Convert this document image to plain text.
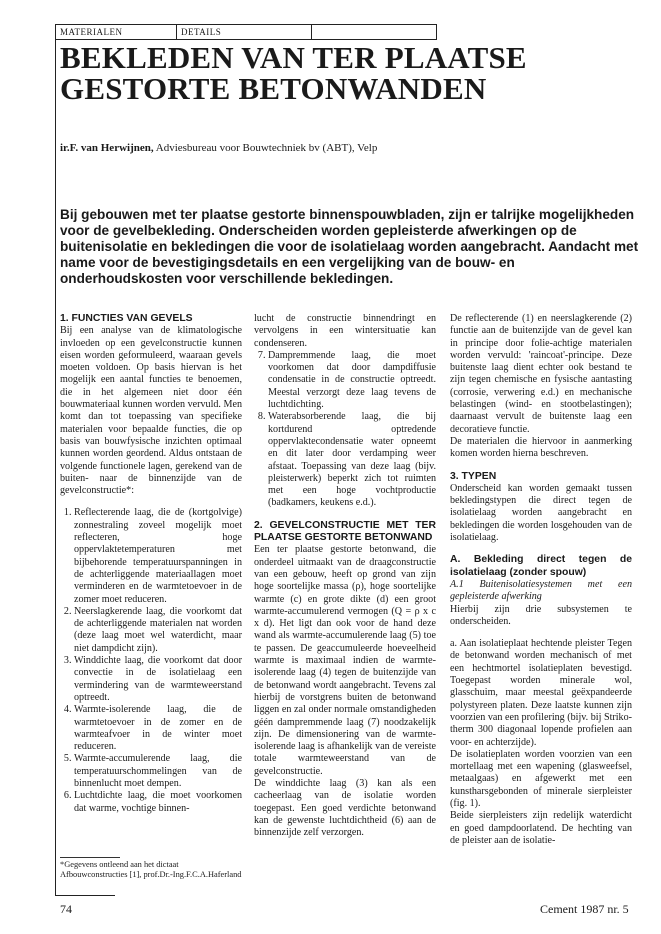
MATERIALEN	DETAILS
BEKLEDEN VAN TER PLAATSE GESTORTE BETONWANDEN
ir.F. van Herwijnen, Adviesbureau voor Bouwtechniek bv (ABT), Velp

Bij gebouwen met ter plaatse gestorte binnenspouwbladen, zijn er talrijke mogelijkheden voor de gevelbekleding. Onderscheiden worden gepleisterde afwerkingen op de buitenisolatie en bekledingen die voor de isolatielaag worden aangebracht. Aandacht met name voor de bevestigingsdetails en een vergelijking van de bouw- en onderhoudskosten voor verschillende bekledingen.

1. FUNCTIES VAN GEVELS

Bij een analyse van de klimatologische invloeden op een gevelconstructie kunnen eisen worden geformuleerd, waaraan gevels moeten voldoen. Op basis hiervan is het mogelijk een aantal functies te benoemen, die in het algemeen niet door één bouwmateriaal kunnen worden vervuld. Men komt dan tot toepassing van specifieke materialen voor bepaalde functies, die op basis van bouwfysische inzichten optimaal kunnen worden geordend. Aldus ontstaan de volgende functionele lagen, gerekend van de buiten- naar de binnenzijde van de gevelconstructie*:

1. Reflecterende laag, die de (kortgolvige) zonnestraling zoveel mogelijk moet reflecteren, hoge oppervlaktetemperaturen met bijbehorende temperatuurspanningen in de achterliggende materiaallagen moet verminderen en de warmtetoevoer in de zomer moet reduceren.
2. Neerslagkerende laag, die voorkomt dat de achterliggende materialen nat worden (deze laag moet wel waterdicht, maar niet dampdicht zijn).
3. Winddichte laag, die voorkomt dat door convectie in de isolatielaag een vermindering van de warmteweerstand optreedt.
4. Warmte-isolerende laag, die de warmtetoevoer in de zomer en de warmteafvoer in de winter moet reduceren.
5. Warmte-accumulerende laag, die temperatuurschommelingen van de binnenlucht moet dempen.
6. Luchtdichte laag, die moet voorkomen dat warme, vochtige binnen-
*Gegevens ontleend aan het dictaat Afbouwconstructies [1], prof.Dr.-Ing.F.C.A.Haferland

lucht de constructie binnendringt en vervolgens in een wintersituatie kan condenseren.

7. Dampremmende laag, die moet voorkomen dat door dampdiffusie condensatie in de constructie optreedt. Meestal verzorgt deze laag tevens de luchtdichting.
8. Waterabsorberende laag, die bij kortdurend optredende oppervlaktecondensatie water opneemt en dit later door verdamping weer afstaat. Toepassing van deze laag (bijv. pleisterwerk) beperkt zich tot ruimten met een hoge vochtproductie (badkamers, keukens e.d.).
2. GEVELCONSTRUCTIE MET TER PLAATSE GESTORTE BETONWAND

Een ter plaatse gestorte betonwand, die onderdeel uitmaakt van de draagconstructie van een gebouw, heeft op grond van zijn hoge soortelijke massa (ρ), hoge soortelijke warmte (c) en grote dikte (d) een groot warmte-accumulerend vermogen (Q = ρ x c x d). Het ligt dan ook voor de hand deze wand als warmte-accumulerende laag (5) toe te passen. De geaccumuleerde hoeveelheid warmte is maximaal indien de warmte-isolerende laag (4) tegen de buitenzijde van de betonwand wordt aangebracht. Tevens zal hierbij de vorstgrens buiten de betonwand liggen en zal onder normale omstandigheden géén dampremmende laag (7) noodzakelijk zijn. De dimensionering van de warmte-isolerende laag is afhankelijk van de vereiste totale warmteweerstand van de gevelconstructie.

De winddichte laag (3) kan als een cacheerlaag van de isolatie worden toegepast. Een goed verdichte betonwand kan de gewenste luchtdichtheid (6) aan de binnenzijde zelf verzorgen.

De reflecterende (1) en neerslagkerende (2) functie aan de buitenzijde van de gevel kan in principe door folie-achtige materialen worden vervuld: 'raincoat'-principe. Deze buitenste laag dient echter ook bestand te zijn tegen chemische en fysische aantasting (corrosie, verwering e.d.) en mechanische belastingen (wind- en stootbelastingen); daarnaast vervult de buitenste laag een decoratieve functie.

De materialen die hiervoor in aanmerking komen worden hierna beschreven.

3. TYPEN

Onderscheid kan worden gemaakt tussen bekledingstypen die direct tegen de isolatielaag worden aangebracht en bekledingen die worden losgehouden van de isolatielaag.

A. Bekleding direct tegen de isolatielaag (zonder spouw)

A.1 Buitenisolatiesystemen met een gepleisterde afwerking

Hierbij zijn drie subsystemen te onderscheiden.

a. Aan isolatieplaat hechtende pleister Tegen de betonwand worden mechanisch of met een hechtmortel isolatieplaten bevestigd. Toegepast worden minerale wol, glasschuim, maar meestal geëxpandeerde polystyreen platen. Deze laatste kunnen zijn voorzien van een profilering (bijv. bij Striko-therm 300 diagonaal lopende profielen aan voor- en achterzijde).

De isolatieplaten worden voorzien van een mortellaag met een wapening (glasweefsel, metaalgaas) en afgewerkt met een kunstharsgebonden of minerale sierpleister (fig. 1).

Beide sierpleisters zijn redelijk waterdicht en goed dampdoorlatend. De hechting van de pleister aan de isolatie-

74	Cement 1987 nr. 5
